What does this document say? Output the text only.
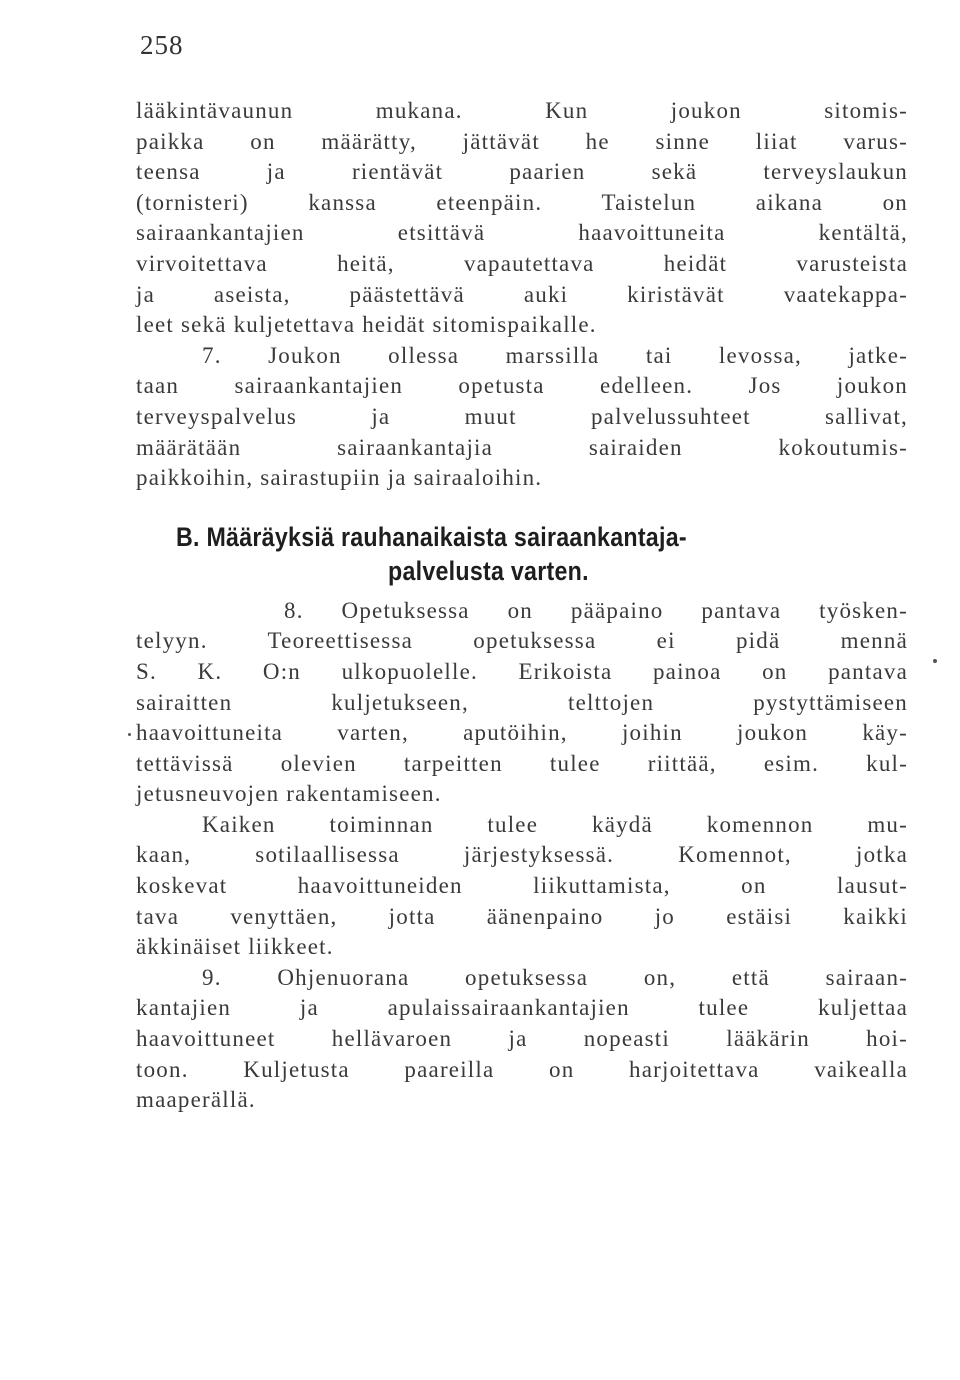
258
lääkintävaunun mukana. Kun joukon sitomis-
paikka on määrätty, jättävät he sinne liiat varus-
teensa ja rientävät paarien sekä terveyslaukun
(tornisteri) kanssa eteenpäin. Taistelun aikana on
sairaankantajien etsittävä haavoittuneita kentältä,
virvoitettava heitä, vapautettava heidät varusteista
ja aseista, päästettävä auki kiristävät vaatekappa-
leet sekä kuljetettava heidät sitomispaikalle.
7. Joukon ollessa marssilla tai levossa, jatke-
taan sairaankantajien opetusta edelleen. Jos joukon
terveyspalvelus ja muut palvelussuhteet sallivat,
määrätään sairaankantajia sairaiden kokoutumis-
paikkoihin, sairastupiin ja sairaaloihin.
B. Määräyksiä rauhanaikaista sairaankantaja-
palvelusta varten.
8. Opetuksessa on pääpaino pantava työsken-
telyyn. Teoreettisessa opetuksessa ei pidä mennä
S. K. O:n ulkopuolelle. Erikoista painoa on pantava
sairaitten kuljetukseen, telttojen pystyttämiseen
haavoittuneita varten, aputöihin, joihin joukon käy-
tettävissä olevien tarpeitten tulee riittää, esim. kul-
jetusneuvojen rakentamiseen.
Kaiken toiminnan tulee käydä komennon mu-
kaan, sotilaallisessa järjestyksessä. Komennot, jotka
koskevat haavoittuneiden liikuttamista, on lausut-
tava venyttäen, jotta äänenpaino jo estäisi kaikki
äkkinäiset liikkeet.
9. Ohjenuorana opetuksessa on, että sairaan-
kantajien ja apulaissairaankantajien tulee kuljettaa
haavoittuneet hellävaroen ja nopeasti lääkärin hoi-
toon. Kuljetusta paareilla on harjoitettava vaikealla
maaperällä.
